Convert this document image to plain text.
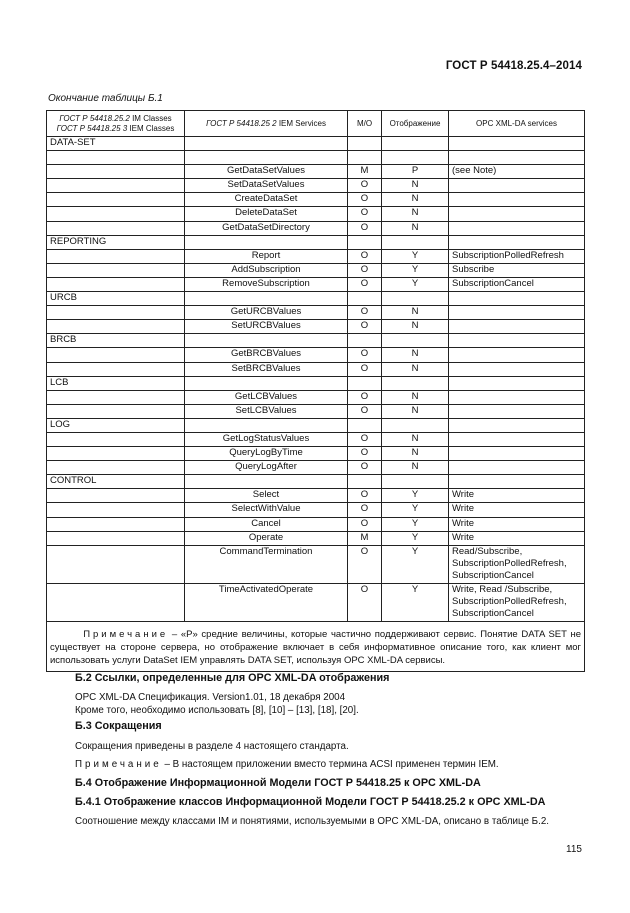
ГОСТ Р 54418.25.4–2014
Окончание таблицы Б.1
ГОСТ Р 54418.25.2 IM Classes
ГОСТ Р 54418.25 3 IEM Classes	ГОСТ Р 54418.25 2 IEM Services	M/O	Отображение	OPC XML-DA services
DATA-SET				

	GetDataSetValues	M	P	(see Note)
	SetDataSetValues	O	N	
	CreateDataSet	O	N	
	DeleteDataSet	O	N	
	GetDataSetDirectory	O	N	
REPORTING				
	Report	O	Y	SubscriptionPolledRefresh
	AddSubscription	O	Y	Subscribe
	RemoveSubscription	O	Y	SubscriptionCancel
URCB				
	GetURCBValues	O	N	
	SetURCBValues	O	N	
BRCB				
	GetBRCBValues	O	N	
	SetBRCBValues	O	N	
LCB				
	GetLCBValues	O	N	
	SetLCBValues	O	N	
LOG				
	GetLogStatusValues	O	N	
	QueryLogByTime	O	N	
	QueryLogAfter	O	N	
CONTROL				
	Select	O	Y	Write
	SelectWithValue	O	Y	Write
	Cancel	O	Y	Write
	Operate	M	Y	Write
	CommandTermination	O	Y	Read/Subscribe,
SubscriptionPolledRefresh,
SubscriptionCancel
	TimeActivatedOperate	O	Y	Write, Read /Subscribe,
SubscriptionPolledRefresh,
SubscriptionCancel
Примечание – «P» средние величины, которые частично поддерживают сервис. Понятие DATA SET не существует на стороне сервера, но отображение включает в себя информативное описание того, как клиент мог использовать услуги DataSet IEM управлять DATA SET, используя OPC XML-DA сервисы.				
Б.2 Ссылки, определенные для OPC XML-DA отображения
OPC XML-DA Спецификация. Version1.01, 18 декабря 2004
Кроме того, необходимо использовать [8], [10] – [13], [18], [20].
Б.3 Сокращения
Сокращения приведены в разделе 4 настоящего стандарта.
Примечание – В настоящем приложении вместо термина ACSI применен термин IEM.
Б.4 Отображение Информационной Модели ГОСТ Р 54418.25 к OPC XML-DA
Б.4.1 Отображение классов Информационной Модели ГОСТ Р 54418.25.2 к OPC XML-DA
Соотношение между классами IM и понятиями, используемыми в OPC XML-DA, описано в таблице Б.2.
115
